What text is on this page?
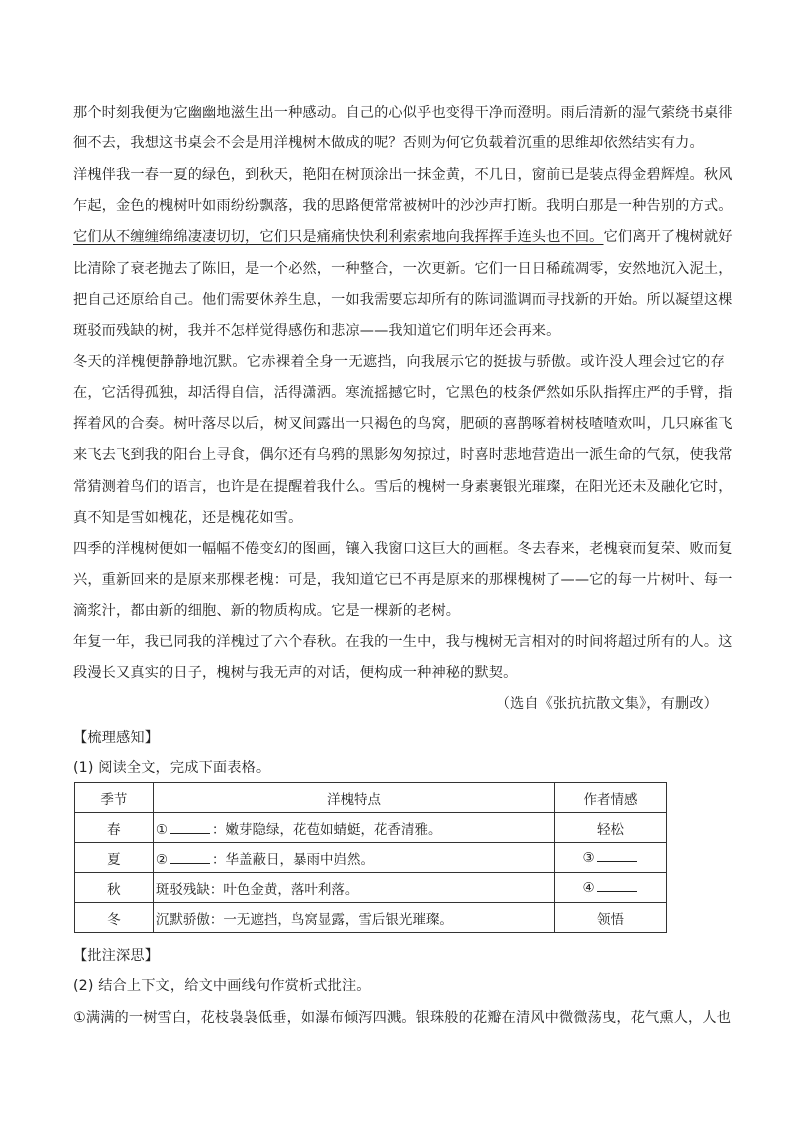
那个时刻我便为它幽幽地滋生出一种感动。自己的心似乎也变得干净而澄明。雨后清新的湿气萦绕书桌徘
徊不去，我想这书桌会不会是用洋槐树木做成的呢？否则为何它负载着沉重的思维却依然结实有力。
洋槐伴我一春一夏的绿色，到秋天，艳阳在树顶涂出一抹金黄，不几日，窗前已是装点得金碧辉煌。秋风
乍起，金色的槐树叶如雨纷纷飘落，我的思路便常常被树叶的沙沙声打断。我明白那是一种告别的方式。
它们从不缠缠绵绵凄凄切切，它们只是痛痛快快利利索索地向我挥挥手连头也不回。它们离开了槐树就好
比清除了衰老抛去了陈旧，是一个必然，一种整合，一次更新。它们一日日稀疏凋零，安然地沉入泥土，
把自己还原给自己。他们需要休养生息，一如我需要忘却所有的陈词滥调而寻找新的开始。所以凝望这棵
斑驳而残缺的树，我并不怎样觉得感伤和悲凉——我知道它们明年还会再来。
冬天的洋槐便静静地沉默。它赤裸着全身一无遮挡，向我展示它的挺拔与骄傲。或许没人理会过它的存
在，它活得孤独，却活得自信，活得潇洒。寒流摇撼它时，它黑色的枝条俨然如乐队指挥庄严的手臂，指
挥着风的合奏。树叶落尽以后，树叉间露出一只褐色的鸟窝，肥硕的喜鹊啄着树枝喳喳欢叫，几只麻雀飞
来飞去飞到我的阳台上寻食，偶尔还有乌鸦的黑影匆匆掠过，时喜时悲地营造出一派生命的气氛，使我常
常猜测着鸟们的语言，也许是在提醒着我什么。雪后的槐树一身素裹银光璀璨，在阳光还未及融化它时，
真不知是雪如槐花，还是槐花如雪。
四季的洋槐树便如一幅幅不倦变幻的图画，镶入我窗口这巨大的画框。冬去春来，老槐衰而复荣、败而复
兴，重新回来的是原来那棵老槐：可是，我知道它已不再是原来的那棵槐树了——它的每一片树叶、每一
滴浆汁，都由新的细胞、新的物质构成。它是一棵新的老树。
年复一年，我已同我的洋槐过了六个春秋。在我的一生中，我与槐树无言相对的时间将超过所有的人。这
段漫长又真实的日子，槐树与我无声的对话，便构成一种神秘的默契。
（选自《张抗抗散文集》，有删改）
【梳理感知】
(1) 阅读全文，完成下面表格。
季节	洋槐特点	作者情感
春	① ：嫩芽隐绿，花苞如蜻蜓，花香清雅。	轻松
夏	② ：华盖蔽日，暴雨中岿然。	③
秋	斑驳残缺：叶色金黄，落叶利落。	④
冬	沉默骄傲：一无遮挡，鸟窝显露，雪后银光璀璨。	领悟
【批注深思】
(2) 结合上下文，给文中画线句作赏析式批注。
①满满的一树雪白，花枝袅袅低垂，如瀑布倾泻四溅。银珠般的花瓣在清风中微微荡曳，花气熏人，人也
